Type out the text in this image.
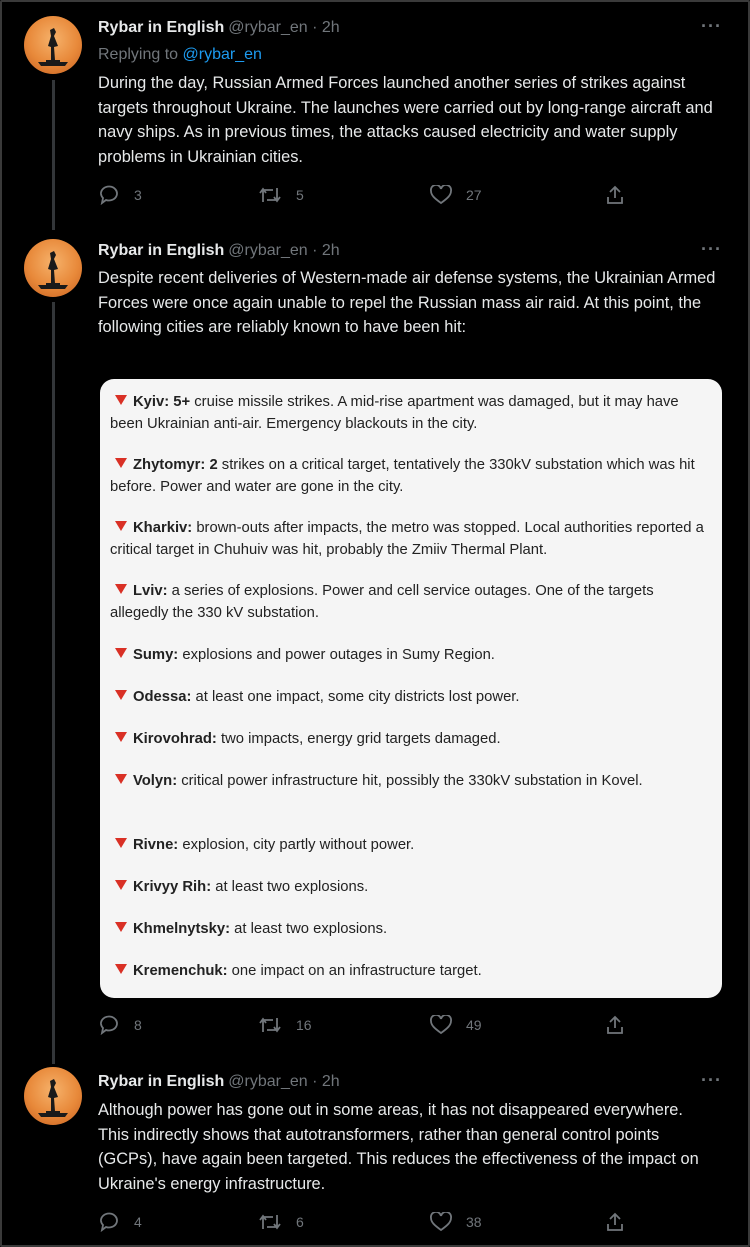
Rybar in English @rybar_en · 2h	···
Replying to @rybar_en
During the day, Russian Armed Forces launched another series of strikes against targets throughout Ukraine. The launches were carried out by long-range aircraft and navy ships. As in previous times, the attacks caused electricity and water supply problems in Ukrainian cities.
3	5	27
Rybar in English @rybar_en · 2h	···
Despite recent deliveries of Western-made air defense systems, the Ukrainian Armed Forces were once again unable to repel the Russian mass air raid. At this point, the following cities are reliably known to have been hit:
Kyiv: 5+ cruise missile strikes. A mid-rise apartment was damaged, but it may have been Ukrainian anti-air. Emergency blackouts in the city.
Zhytomyr: 2 strikes on a critical target, tentatively the 330kV substation which was hit before. Power and water are gone in the city.
Kharkiv: brown-outs after impacts, the metro was stopped. Local authorities reported a critical target in Chuhuiv was hit, probably the Zmiiv Thermal Plant.
Lviv: a series of explosions. Power and cell service outages. One of the targets allegedly the 330 kV substation.
Sumy: explosions and power outages in Sumy Region.
Odessa: at least one impact, some city districts lost power.
Kirovohrad: two impacts, energy grid targets damaged.
Volyn: critical power infrastructure hit, possibly the 330kV substation in Kovel.
Rivne: explosion, city partly without power.
Krivyy Rih: at least two explosions.
Khmelnytsky: at least two explosions.
Kremenchuk: one impact on an infrastructure target.
8	16	49
Rybar in English @rybar_en · 2h	···
Although power has gone out in some areas, it has not disappeared everywhere. This indirectly shows that autotransformers, rather than general control points (GCPs), have again been targeted. This reduces the effectiveness of the impact on Ukraine's energy infrastructure.
4	6	38
